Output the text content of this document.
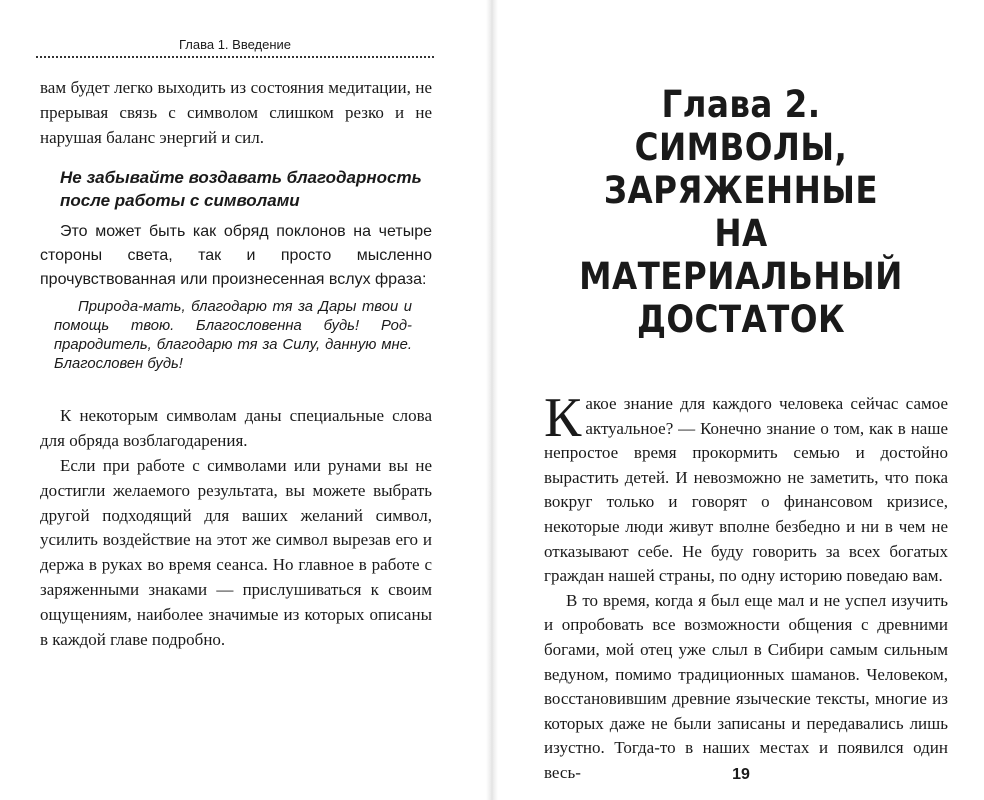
Глава 1. Введение

вам будет легко выходить из состояния медитации, не прерывая связь с символом слишком резко и не нарушая баланс энергий и сил.

Не забывайте воздавать благодарность после работы с символами

Это может быть как обряд поклонов на четыре стороны света, так и просто мысленно прочувствованная или произнесенная вслух фраза:

Природа-мать, благодарю тя за Дары твои и помощь твою. Благословенна будь! Род-прародитель, благодарю тя за Силу, данную мне. Благословен будь!

К некоторым символам даны специальные слова для обряда возблагодарения.

Если при работе с символами или рунами вы не достигли желаемого результата, вы можете выбрать другой подходящий для ваших желаний символ, усилить воздействие на этот же символ вырезав его и держа в руках во время сеанса. Но главное в работе с заряженными знаками — прислушиваться к своим ощущениям, наиболее значимые из которых описаны в каждой главе подробно.

Глава 2.
СИМВОЛЫ,
ЗАРЯЖЕННЫЕ
НА МАТЕРИАЛЬНЫЙ
ДОСТАТОК

К акое знание для каждого человека сейчас самое актуальное? — Конечно знание о том, как в наше непростое время прокормить семью и достойно вырастить детей. И невозможно не заметить, что пока вокруг только и говорят о финансовом кризисе, некоторые люди живут вполне безбедно и ни в чем не отказывают себе. Не буду говорить за всех богатых граждан нашей страны, по одну историю поведаю вам.

В то время, когда я был еще мал и не успел изучить и опробовать все возможности общения с древними богами, мой отец уже слыл в Сибири самым сильным ведуном, помимо традиционных шаманов. Человеком, восстановившим древние языческие тексты, многие из которых даже не были записаны и передавались лишь изустно. Тогда-то в наших местах и появился один весь-	19
